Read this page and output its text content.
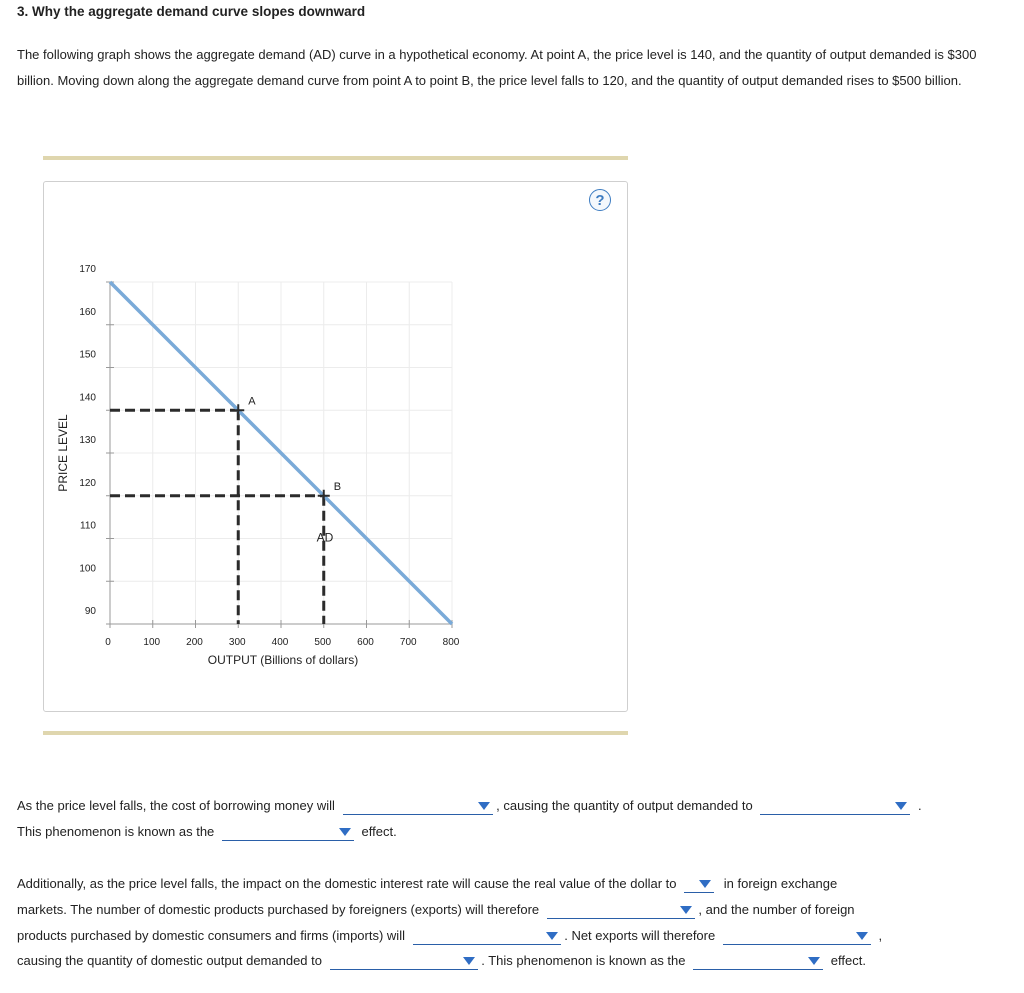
3. Why the aggregate demand curve slopes downward
The following graph shows the aggregate demand (AD) curve in a hypothetical economy. At point A, the price level is 140, and the quantity of output demanded is $300 billion. Moving down along the aggregate demand curve from point A to point B, the price level falls to 120, and the quantity of output demanded rises to $500 billion.
?
90
100
110
120
130
140
150
160
170
0	100	200	300	400	500	600	700	800
OUTPUT (Billions of dollars)
PRICE LEVEL
A
B
AD
As the price level falls, the cost of borrowing money will	, causing the quantity of output demanded to	.
This phenomenon is known as the	effect.
Additionally, as the price level falls, the impact on the domestic interest rate will cause the real value of the dollar to	in foreign exchange
markets. The number of domestic products purchased by foreigners (exports) will therefore	, and the number of foreign
products purchased by domestic consumers and firms (imports) will	. Net exports will therefore	,
causing the quantity of domestic output demanded to	. This phenomenon is known as the	effect.
